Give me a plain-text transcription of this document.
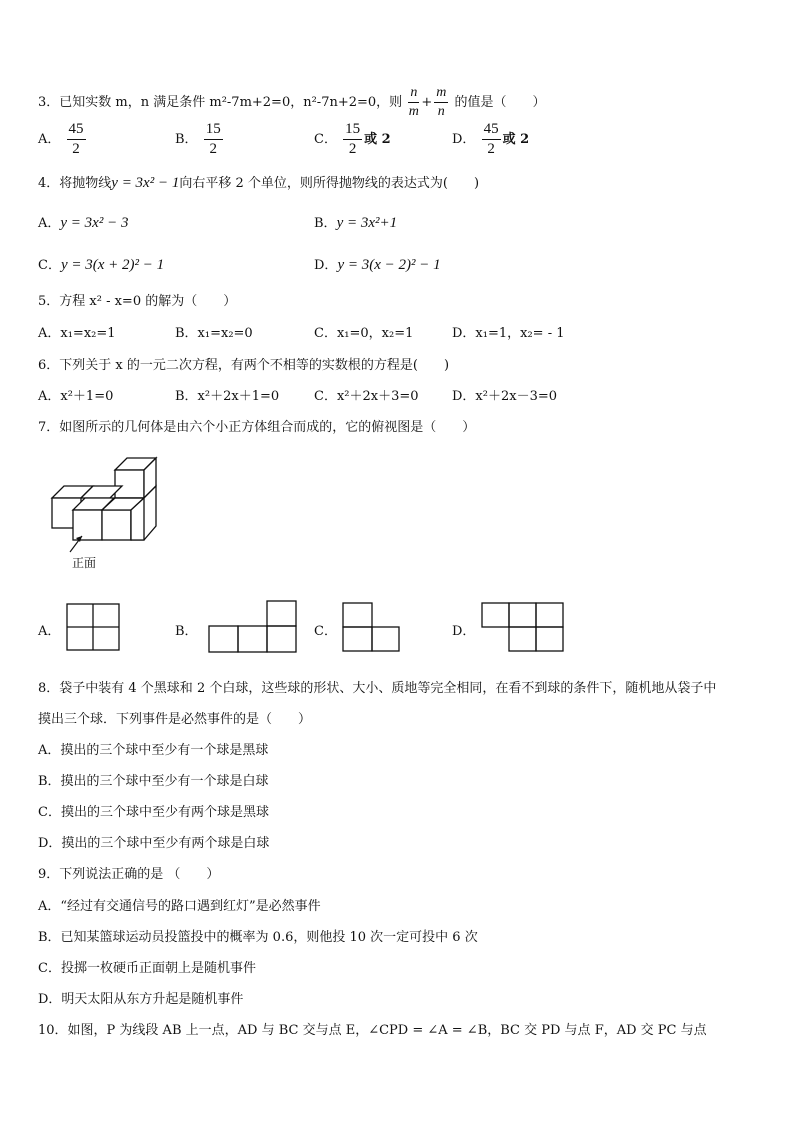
3．已知实数 m，n 满足条件 m²-7m+2=0，n²-7n+2=0，则 $\frac{n}{m} + \frac{m}{n}$ 的值是（　　）
A． $\frac{45}{2}$	B． $\frac{15}{2}$	C． $\frac{15}{2}$ 或 2	D． $\frac{45}{2}$ 或 2
4．将抛物线y = 3x² − 1向右平移 2 个单位，则所得抛物线的表达式为(　　)
A．y = 3x² − 3	B．y = 3x²+1
C．y = 3(x + 2)² − 1	D．y = 3(x − 2)² − 1
5．方程 x² - x=0 的解为（　　）
A．x₁=x₂=1	B．x₁=x₂=0	C．x₁=0，x₂=1	D．x₁=1，x₂= - 1
6．下列关于 x 的一元二次方程，有两个不相等的实数根的方程是(　　)
A．x²＋1=0	B．x²＋2x＋1=0	C．x²＋2x＋3=0	D．x²＋2x－3=0
7．如图所示的几何体是由六个小正方体组合而成的，它的俯视图是（　　）
正面
A．	B．	C．	D．
8．袋子中装有 4 个黑球和 2 个白球，这些球的形状、大小、质地等完全相同，在看不到球的条件下，随机地从袋子中
摸出三个球．下列事件是必然事件的是（　　）
A．摸出的三个球中至少有一个球是黑球
B．摸出的三个球中至少有一个球是白球
C．摸出的三个球中至少有两个球是黑球
D．摸出的三个球中至少有两个球是白球
9．下列说法正确的是 （　　）
A．“经过有交通信号的路口遇到红灯”是必然事件
B．已知某篮球运动员投篮投中的概率为 0.6，则他投 10 次一定可投中 6 次
C．投掷一枚硬币正面朝上是随机事件
D．明天太阳从东方升起是随机事件
10．如图，P 为线段 AB 上一点，AD 与 BC 交与点 E，∠CPD = ∠A = ∠B，BC 交 PD 与点 F，AD 交 PC 与点
